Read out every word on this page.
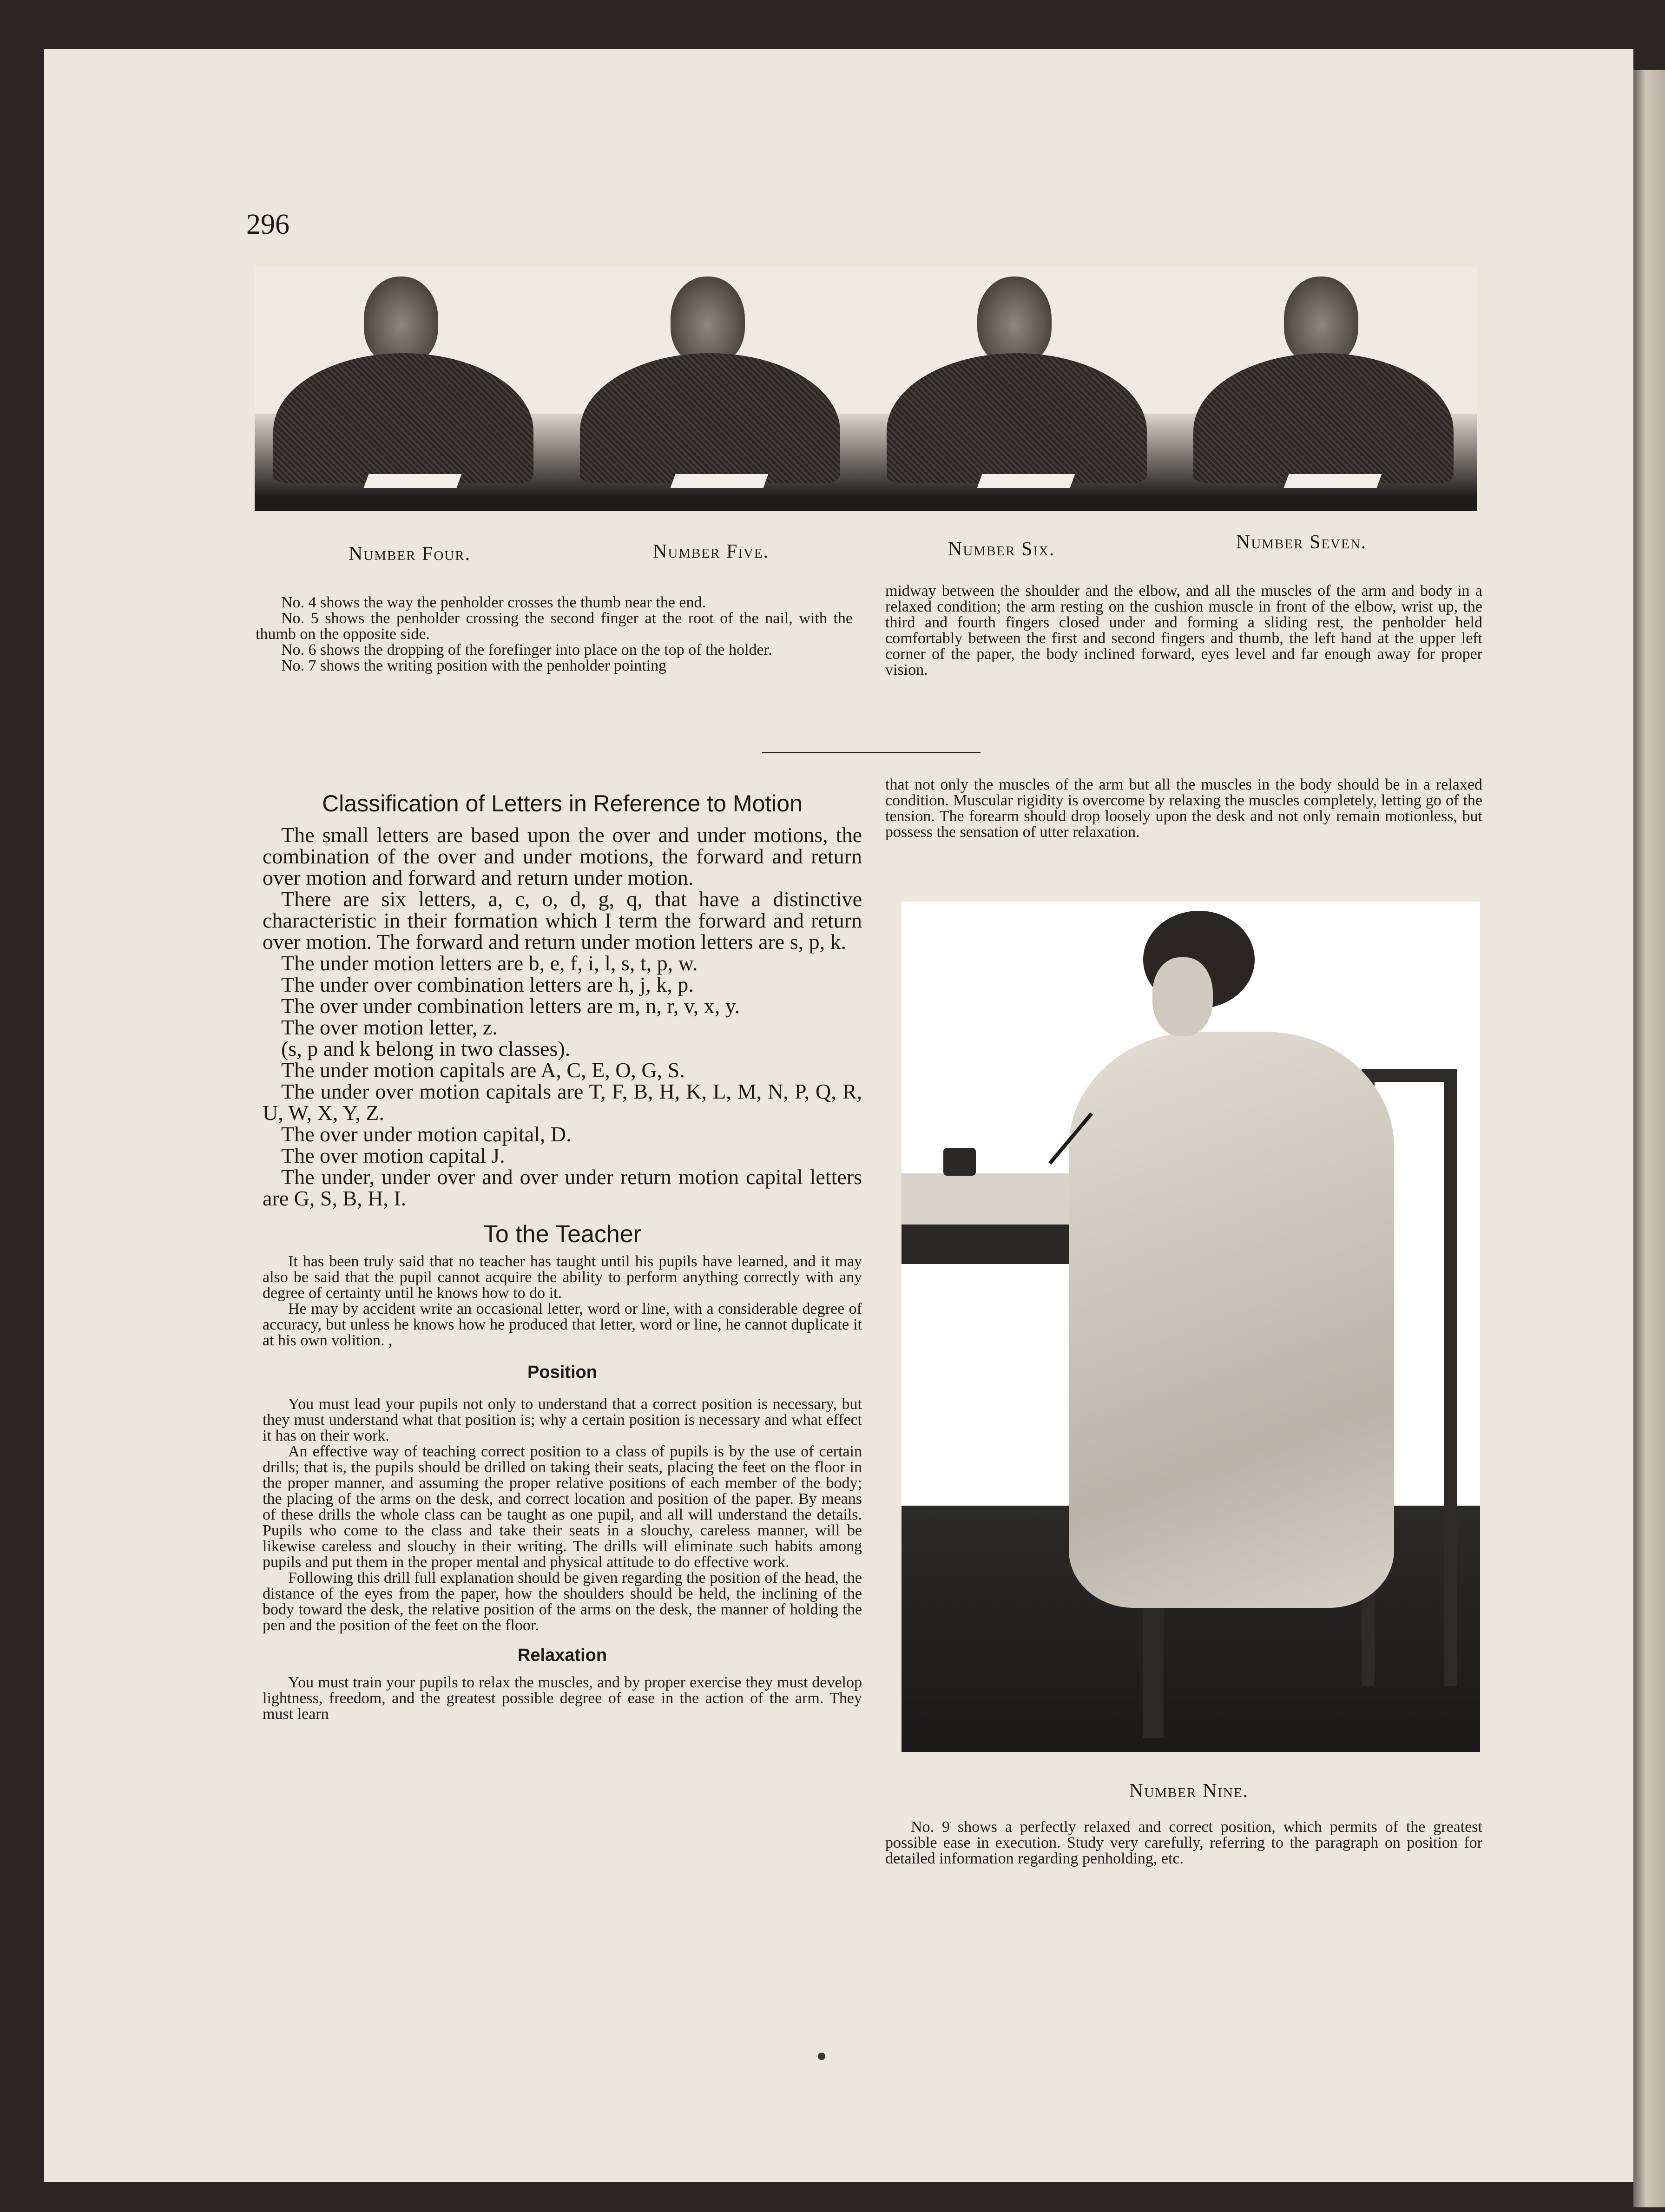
296
Number Four.	Number Five.	Number Six.	Number Seven.

No. 4 shows the way the penholder crosses the thumb near the end.

No. 5 shows the penholder crossing the second finger at the root of the nail, with the thumb on the opposite side.

No. 6 shows the dropping of the forefinger into place on the top of the holder.

No. 7 shows the writing position with the penholder pointing

midway between the shoulder and the elbow, and all the muscles of the arm and body in a relaxed condition; the arm resting on the cushion muscle in front of the elbow, wrist up, the third and fourth fingers closed under and forming a sliding rest, the penholder held comfortably between the first and second fingers and thumb, the left hand at the upper left corner of the paper, the body inclined forward, eyes level and far enough away for proper vision.

Classification of Letters in Reference to Motion

The small letters are based upon the over and under motions, the combination of the over and under motions, the forward and return over motion and forward and return under motion.

There are six letters, a, c, o, d, g, q, that have a distinctive characteristic in their formation which I term the forward and return over motion. The forward and return under motion letters are s, p, k.

The under motion letters are b, e, f, i, l, s, t, p, w.

The under over combination letters are h, j, k, p.

The over under combination letters are m, n, r, v, x, y.

The over motion letter, z.

(s, p and k belong in two classes).

The under motion capitals are A, C, E, O, G, S.

The under over motion capitals are T, F, B, H, K, L, M, N, P, Q, R, U, W, X, Y, Z.

The over under motion capital, D.

The over motion capital J.

The under, under over and over under return motion capital letters are G, S, B, H, I.

To the Teacher

It has been truly said that no teacher has taught until his pupils have learned, and it may also be said that the pupil cannot acquire the ability to perform anything correctly with any degree of certainty until he knows how to do it.

He may by accident write an occasional letter, word or line, with a considerable degree of accuracy, but unless he knows how he produced that letter, word or line, he cannot duplicate it at his own volition. ,

Position

You must lead your pupils not only to understand that a correct position is necessary, but they must understand what that position is; why a certain position is necessary and what effect it has on their work.

An effective way of teaching correct position to a class of pupils is by the use of certain drills; that is, the pupils should be drilled on taking their seats, placing the feet on the floor in the proper manner, and assuming the proper relative positions of each member of the body; the placing of the arms on the desk, and correct location and position of the paper. By means of these drills the whole class can be taught as one pupil, and all will understand the details. Pupils who come to the class and take their seats in a slouchy, careless manner, will be likewise careless and slouchy in their writing. The drills will eliminate such habits among pupils and put them in the proper mental and physical attitude to do effective work.

Following this drill full explanation should be given regarding the position of the head, the distance of the eyes from the paper, how the shoulders should be held, the inclining of the body toward the desk, the relative position of the arms on the desk, the manner of holding the pen and the position of the feet on the floor.

Relaxation

You must train your pupils to relax the muscles, and by proper exercise they must develop lightness, freedom, and the greatest possible degree of ease in the action of the arm. They must learn

that not only the muscles of the arm but all the muscles in the body should be in a relaxed condition. Muscular rigidity is overcome by relaxing the muscles completely, letting go of the tension. The forearm should drop loosely upon the desk and not only remain motionless, but possess the sensation of utter relaxation.

Number Nine.

No. 9 shows a perfectly relaxed and correct position, which permits of the greatest possible ease in execution. Study very carefully, referring to the paragraph on position for detailed information regarding penholding, etc.
